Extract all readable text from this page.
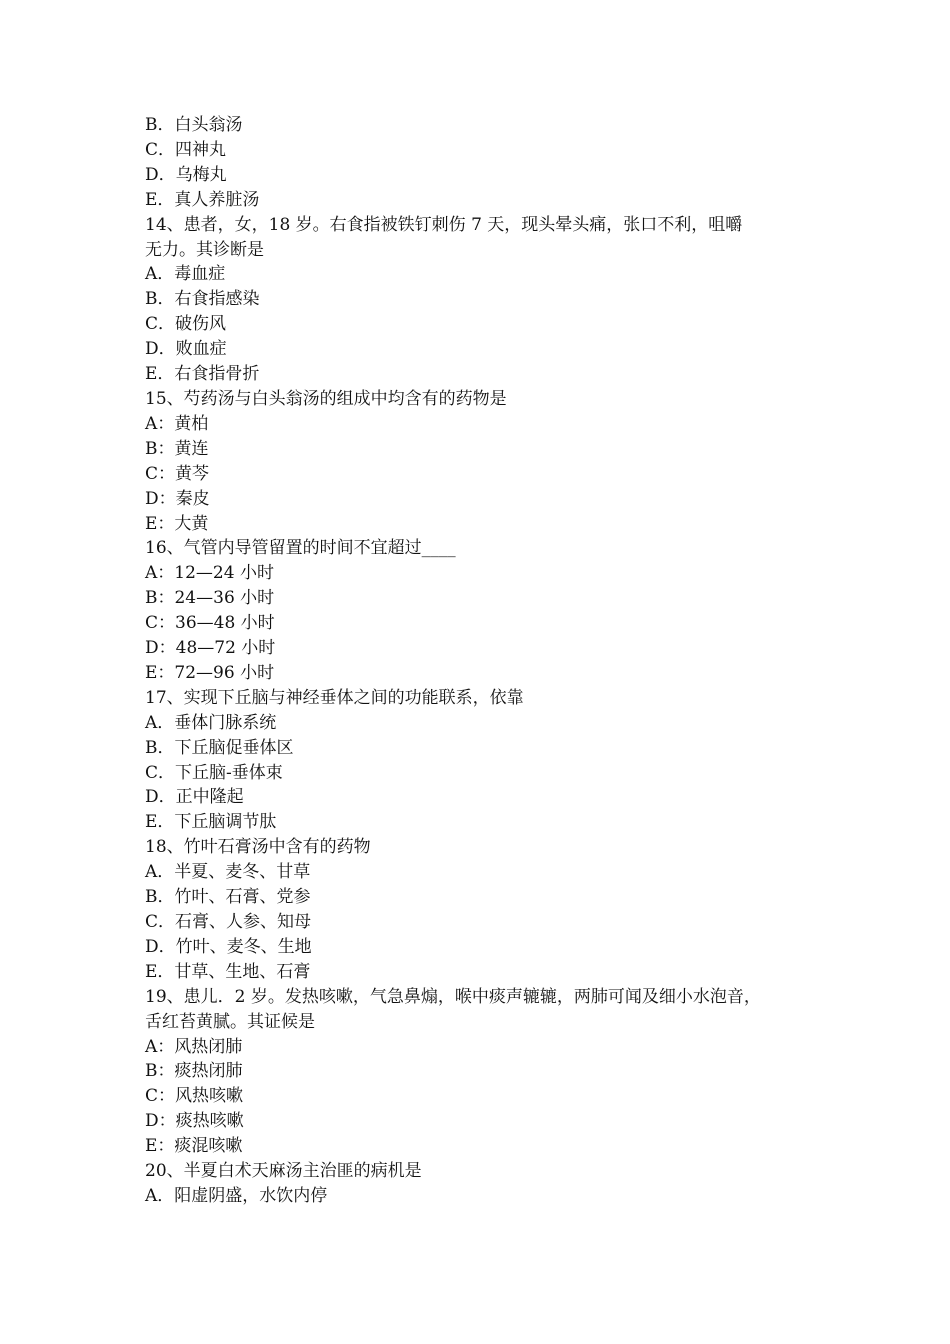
B．白头翁汤
C．四神丸
D．乌梅丸
E．真人养脏汤
14、患者，女，18 岁。右食指被铁钉刺伤 7 天，现头晕头痛，张口不利，咀嚼
无力。其诊断是
A．毒血症
B．右食指感染
C．破伤风
D．败血症
E．右食指骨折
15、芍药汤与白头翁汤的组成中均含有的药物是
A：黄柏
B：黄连
C：黄芩
D：秦皮
E：大黄
16、气管内导管留置的时间不宜超过____
A：12—24 小时
B：24—36 小时
C：36—48 小时
D：48—72 小时
E：72—96 小时
17、实现下丘脑与神经垂体之间的功能联系，依靠
A．垂体门脉系统
B．下丘脑促垂体区
C．下丘脑-垂体束
D．正中隆起
E．下丘脑调节肽
18、竹叶石膏汤中含有的药物
A．半夏、麦冬、甘草
B．竹叶、石膏、党参
C．石膏、人参、知母
D．竹叶、麦冬、生地
E．甘草、生地、石膏
19、患儿．2 岁。发热咳嗽，气急鼻煽，喉中痰声辘辘，两肺可闻及细小水泡音，
舌红苔黄腻。其证候是
A：风热闭肺
B：痰热闭肺
C：风热咳嗽
D：痰热咳嗽
E：痰混咳嗽
20、半夏白术天麻汤主治匪的病机是
A．阳虚阴盛，水饮内停
